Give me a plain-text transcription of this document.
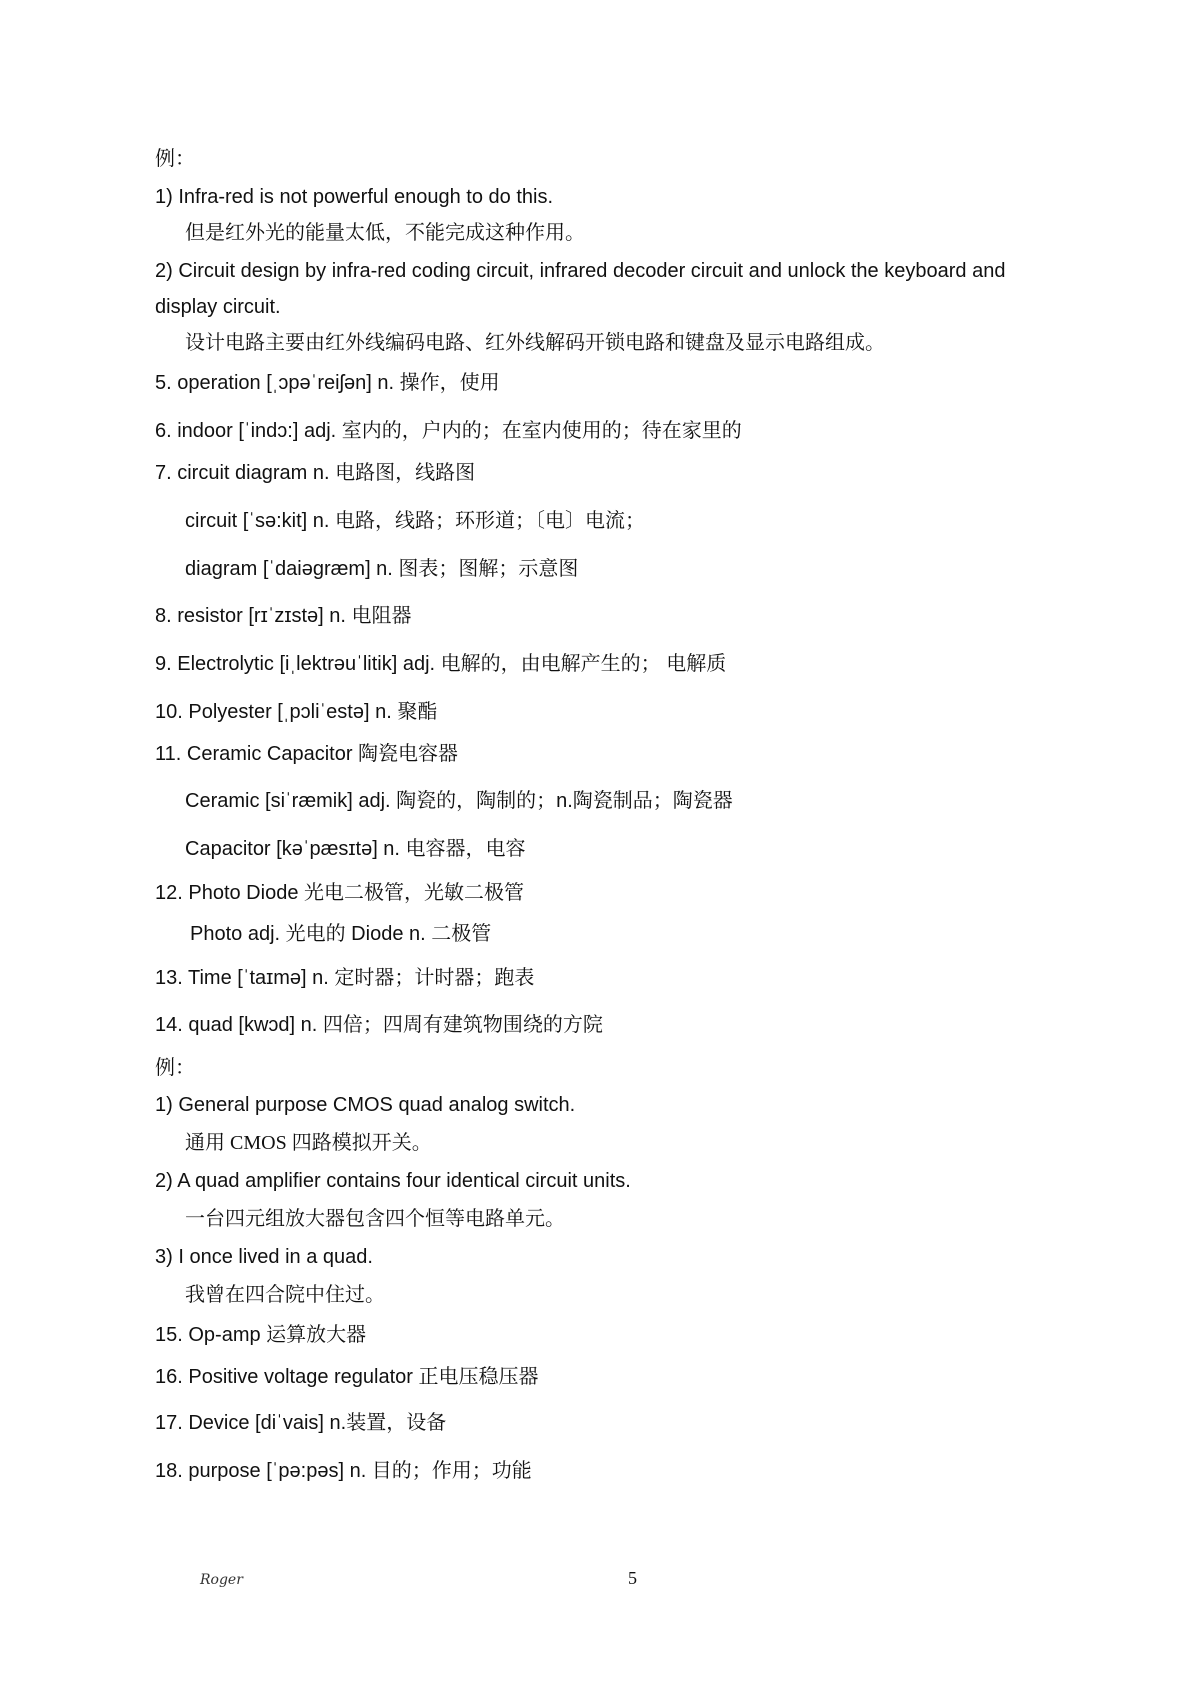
例：
1) Infra-red is not powerful enough to do this.
但是红外光的能量太低，不能完成这种作用。
2) Circuit design by infra-red coding circuit, infrared decoder circuit and unlock the keyboard and
display circuit.
设计电路主要由红外线编码电路、红外线解码开锁电路和键盘及显示电路组成。
5. operation [ˌɔpəˈreiʃən] n. 操作，使用
6. indoor [ˈindɔ:] adj. 室内的，户内的；在室内使用的；待在家里的
7. circuit diagram n. 电路图，线路图
circuit [ˈsə:kit] n. 电路，线路；环形道；〔电〕电流；
diagram [ˈdaiəgræm] n. 图表；图解；示意图
8. resistor [rɪˈzɪstə] n. 电阻器
9. Electrolytic [iˌlektrəuˈlitik] adj. 电解的，由电解产生的； 电解质
10. Polyester [ˌpɔliˈestə] n. 聚酯
11. Ceramic Capacitor 陶瓷电容器
Ceramic [siˈræmik] adj. 陶瓷的，陶制的；n.陶瓷制品；陶瓷器
Capacitor [kəˈpæsɪtə] n. 电容器，电容
12. Photo Diode 光电二极管，光敏二极管
Photo adj. 光电的 Diode n. 二极管
13. Time [ˈtaɪmə] n. 定时器；计时器；跑表
14. quad [kwɔd] n. 四倍；四周有建筑物围绕的方院
例：
1) General purpose CMOS quad analog switch.
通用 CMOS 四路模拟开关。
2) A quad amplifier contains four identical circuit units.
一台四元组放大器包含四个恒等电路单元。
3) I once lived in a quad.
我曾在四合院中住过。
15. Op-amp 运算放大器
16. Positive voltage regulator 正电压稳压器
17. Device [diˈvais] n.装置，设备
18. purpose [ˈpə:pəs] n. 目的；作用；功能
Roger	5
